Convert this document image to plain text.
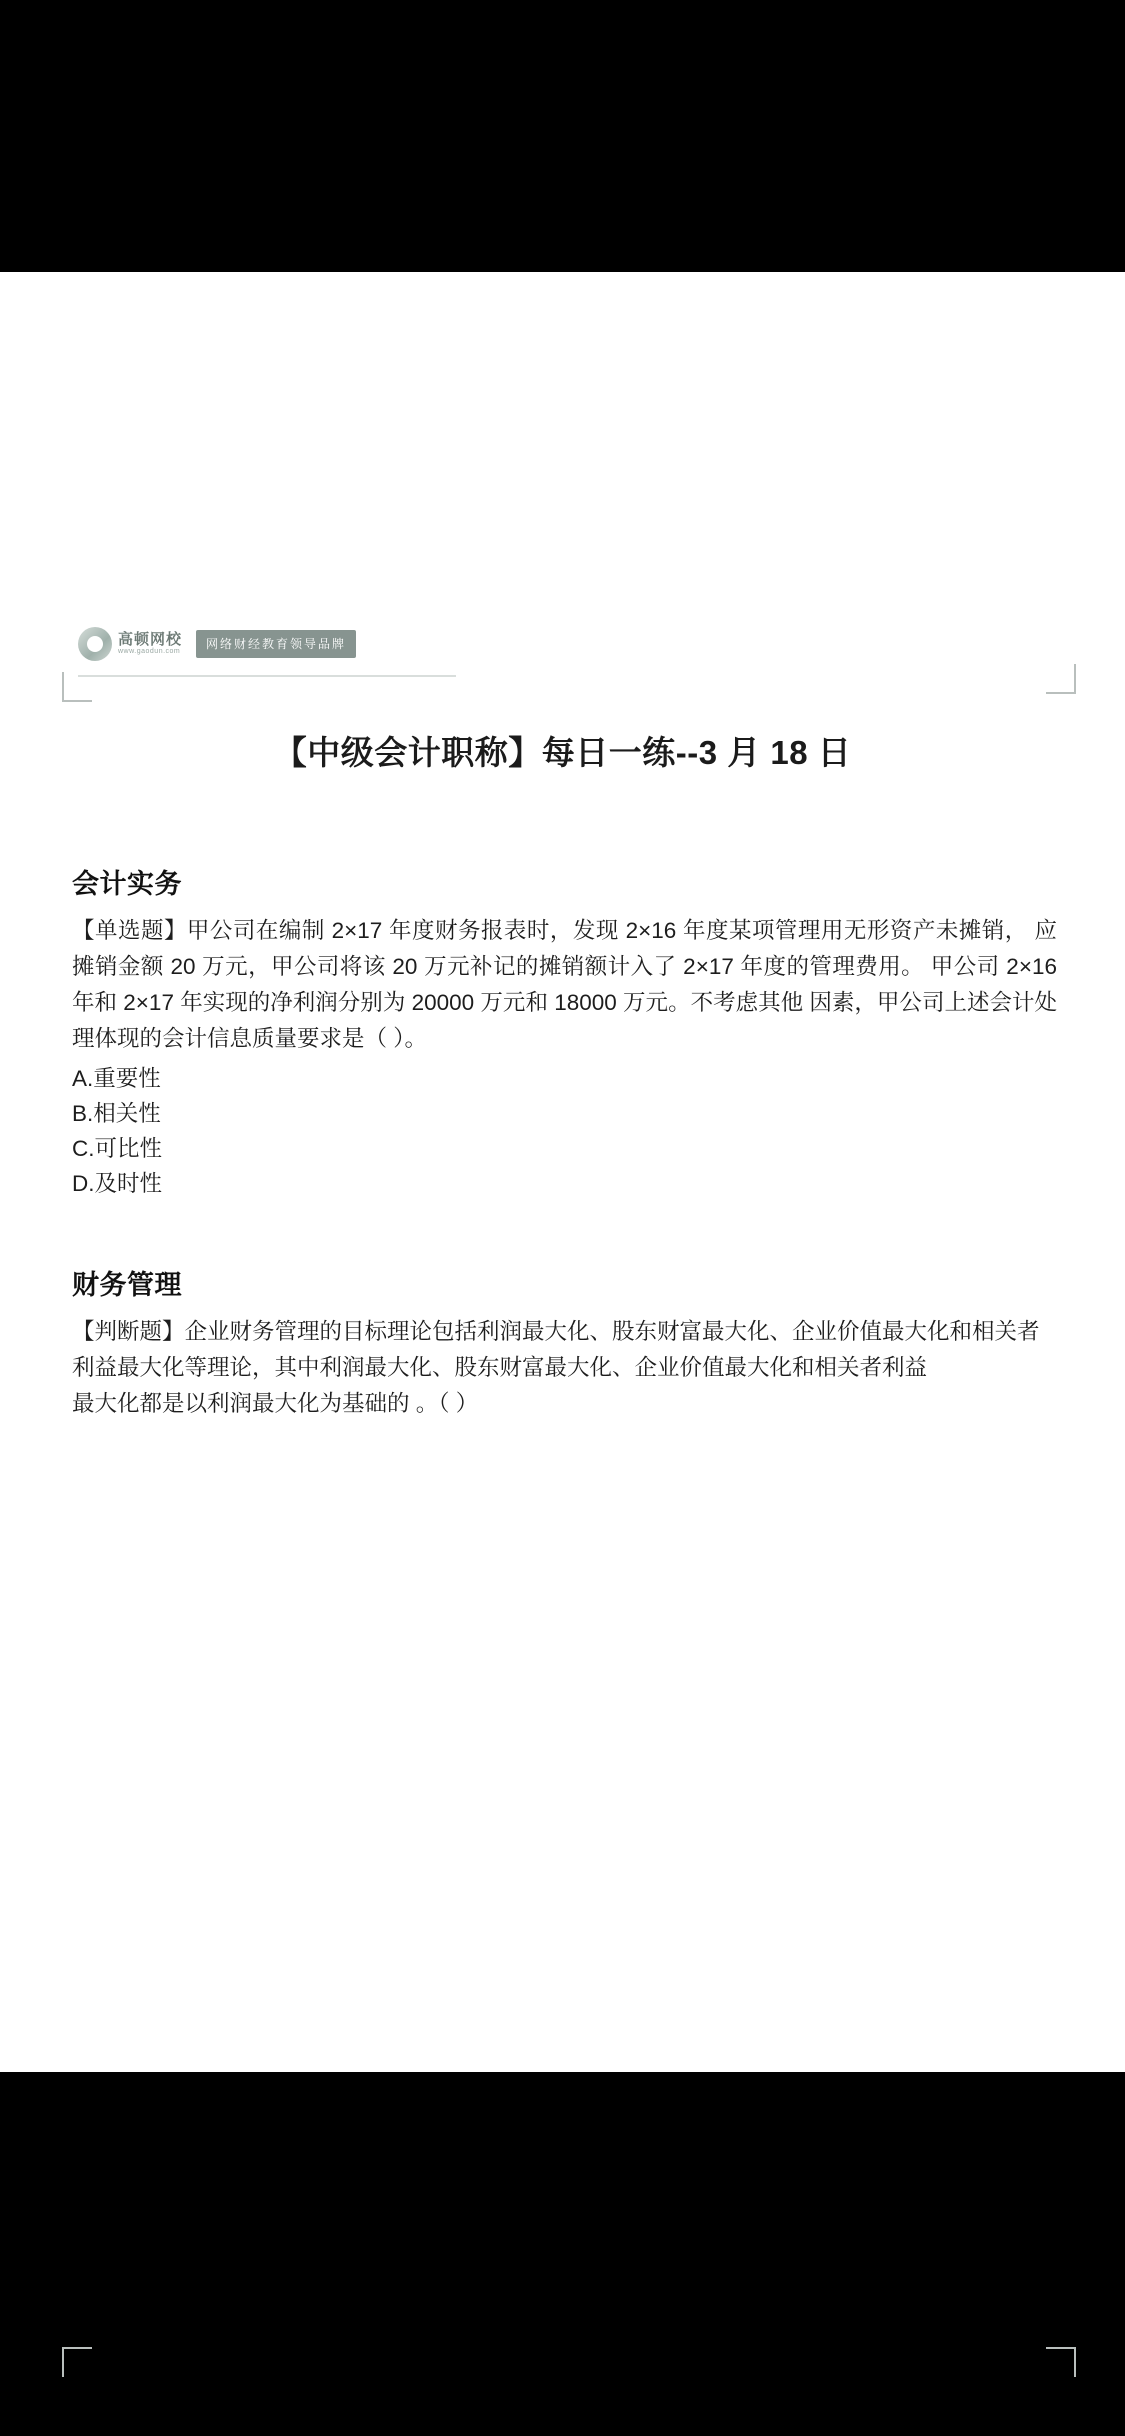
高顿网校
www.gaodun.com
网络财经教育领导品牌
【中级会计职称】每日一练--3 月 18 日
会计实务

【单选题】甲公司在编制 2×17 年度财务报表时，发现 2×16 年度某项管理用无形资产未摊销， 应摊销金额 20 万元，甲公司将该 20 万元补记的摊销额计入了 2×17 年度的管理费用。 甲公司 2×16 年和 2×17 年实现的净利润分别为 20000 万元和 18000 万元。不考虑其他 因素，甲公司上述会计处理体现的会计信息质量要求是（ ）。

A.重要性
B.相关性
C.可比性
D.及时性
财务管理

【判断题】企业财务管理的目标理论包括利润最大化、股东财富最大化、企业价值最大化和相关者

利益最大化等理论，其中利润最大化、股东财富最大化、企业价值最大化和相关者利益

最大化都是以利润最大化为基础的 。（ ）
